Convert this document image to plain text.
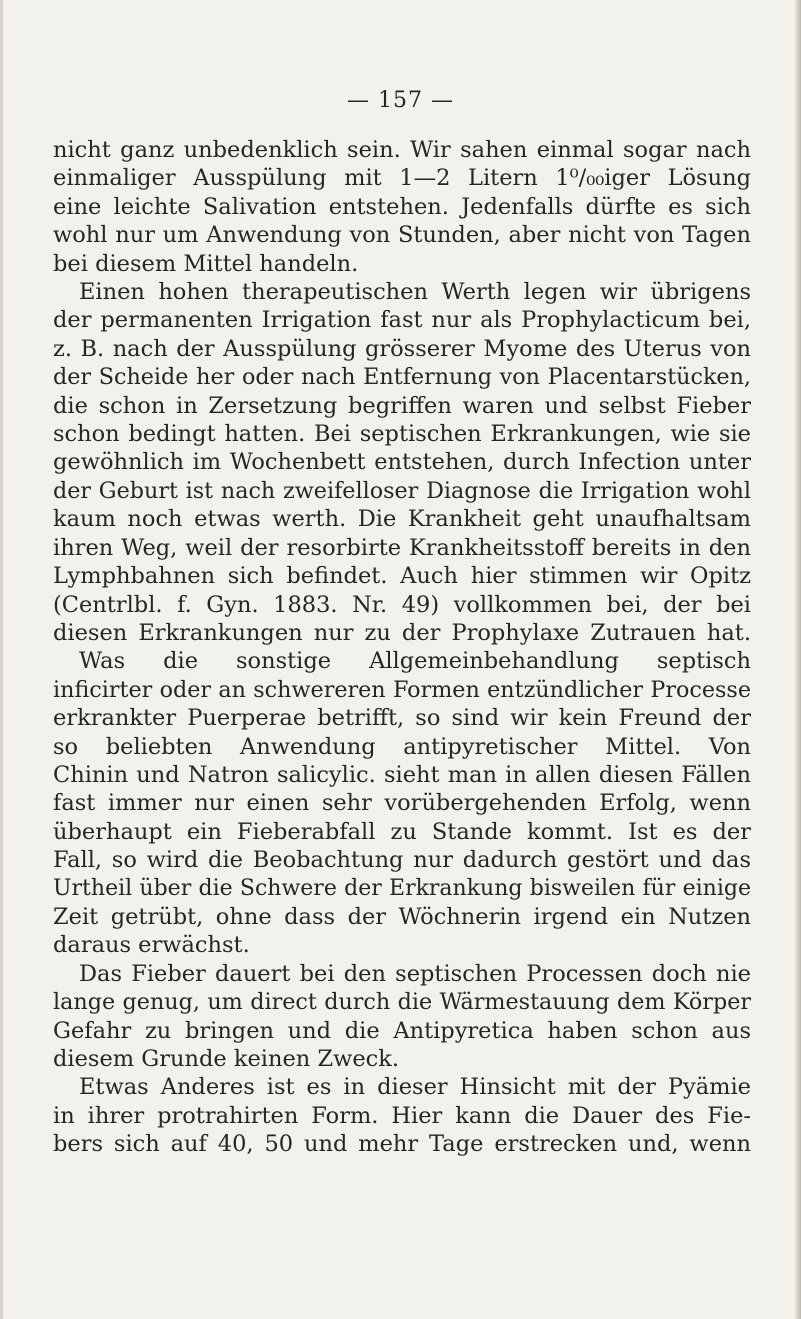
— 157 —
nicht ganz unbedenklich sein. Wir sahen einmal sogar nach
einmaliger Ausspülung mit 1—2 Litern 1⁰/₀₀iger Lösung
eine leichte Salivation entstehen. Jedenfalls dürfte es sich
wohl nur um Anwendung von Stunden, aber nicht von Tagen
bei diesem Mittel handeln.
Einen hohen therapeutischen Werth legen wir übrigens
der permanenten Irrigation fast nur als Prophylacticum bei,
z. B. nach der Ausspülung grösserer Myome des Uterus von
der Scheide her oder nach Entfernung von Placentarstücken,
die schon in Zersetzung begriffen waren und selbst Fieber
schon bedingt hatten. Bei septischen Erkrankungen, wie sie
gewöhnlich im Wochenbett entstehen, durch Infection unter
der Geburt ist nach zweifelloser Diagnose die Irrigation wohl
kaum noch etwas werth. Die Krankheit geht unaufhaltsam
ihren Weg, weil der resorbirte Krankheitsstoff bereits in den
Lymphbahnen sich befindet. Auch hier stimmen wir Opitz
(Centrlbl. f. Gyn. 1883. Nr. 49) vollkommen bei, der bei
diesen Erkrankungen nur zu der Prophylaxe Zutrauen hat.
Was die sonstige Allgemeinbehandlung septisch
inficirter oder an schwereren Formen entzündlicher Processe
erkrankter Puerperae betrifft, so sind wir kein Freund der
so beliebten Anwendung antipyretischer Mittel. Von
Chinin und Natron salicylic. sieht man in allen diesen Fällen
fast immer nur einen sehr vorübergehenden Erfolg, wenn
überhaupt ein Fieberabfall zu Stande kommt. Ist es der
Fall, so wird die Beobachtung nur dadurch gestört und das
Urtheil über die Schwere der Erkrankung bisweilen für einige
Zeit getrübt, ohne dass der Wöchnerin irgend ein Nutzen
daraus erwächst.
Das Fieber dauert bei den septischen Processen doch nie
lange genug, um direct durch die Wärmestauung dem Körper
Gefahr zu bringen und die Antipyretica haben schon aus
diesem Grunde keinen Zweck.
Etwas Anderes ist es in dieser Hinsicht mit der Pyämie
in ihrer protrahirten Form. Hier kann die Dauer des Fie-
bers sich auf 40, 50 und mehr Tage erstrecken und, wenn
